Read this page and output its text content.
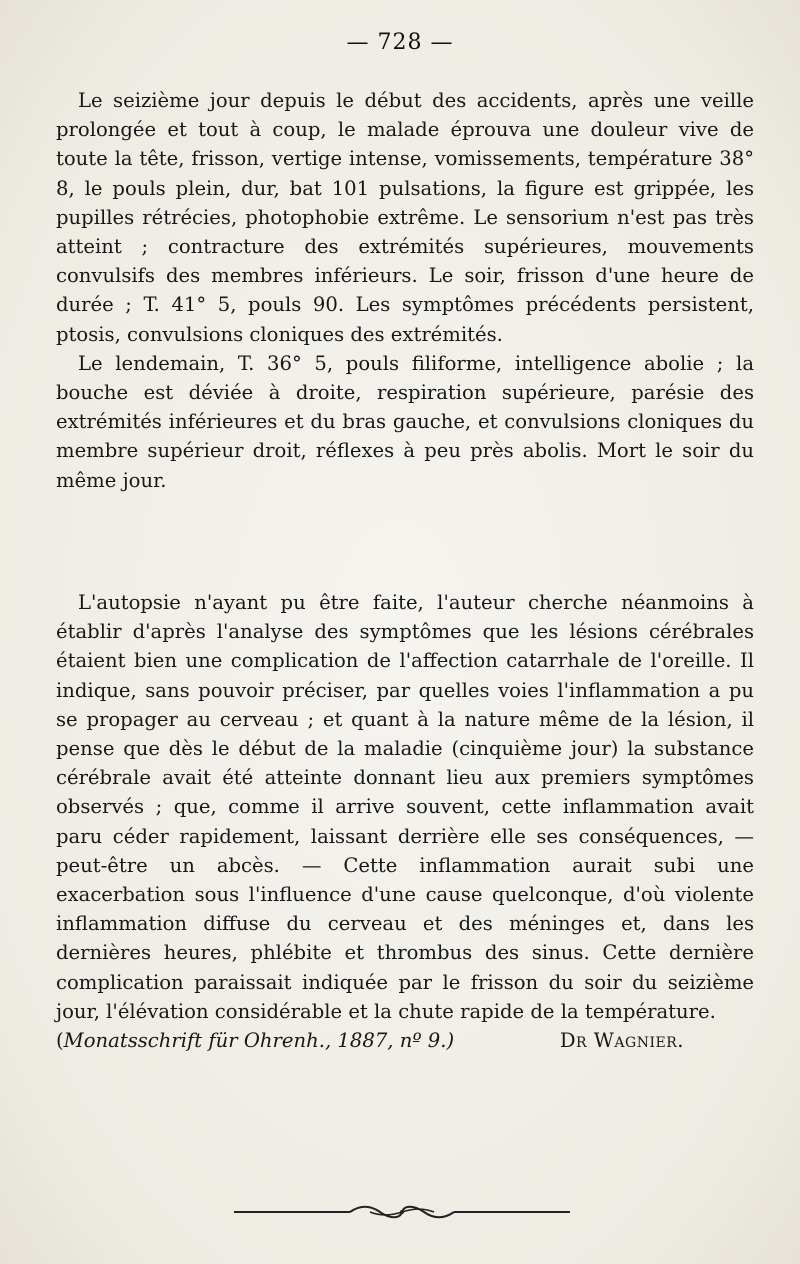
— 728 —

Le seizième jour depuis le début des accidents, après une veille prolongée et tout à coup, le malade éprouva une douleur vive de toute la tête, frisson, vertige intense, vomissements, température 38° 8, le pouls plein, dur, bat 101 pulsations, la figure est grippée, les pupilles rétrécies, photophobie extrême. Le sensorium n'est pas très atteint ; contracture des extrémités supérieures, mouvements convulsifs des membres inférieurs. Le soir, frisson d'une heure de durée ; T. 41° 5, pouls 90. Les symptômes précédents persistent, ptosis, convulsions cloniques des extrémités.

Le lendemain, T. 36° 5, pouls filiforme, intelligence abolie ; la bouche est déviée à droite, respiration supérieure, parésie des extrémités inférieures et du bras gauche, et convulsions cloniques du membre supérieur droit, réflexes à peu près abolis. Mort le soir du même jour.

L'autopsie n'ayant pu être faite, l'auteur cherche néanmoins à établir d'après l'analyse des symptômes que les lésions cérébrales étaient bien une complication de l'affection catarrhale de l'oreille. Il indique, sans pouvoir préciser, par quelles voies l'inflammation a pu se propager au cerveau ; et quant à la nature même de la lésion, il pense que dès le début de la maladie (cinquième jour) la substance cérébrale avait été atteinte donnant lieu aux premiers symptômes observés ; que, comme il arrive souvent, cette inflammation avait paru céder rapidement, laissant derrière elle ses conséquences, — peut-être un abcès. — Cette inflammation aurait subi une exacerbation sous l'influence d'une cause quelconque, d'où violente inflammation diffuse du cerveau et des méninges et, dans les dernières heures, phlébite et thrombus des sinus. Cette dernière complication paraissait indiquée par le frisson du soir du seizième jour, l'élévation considérable et la chute rapide de la température.

(Monatsschrift für Ohrenh., 1887, nº 9.)	Dr Wagnier.
